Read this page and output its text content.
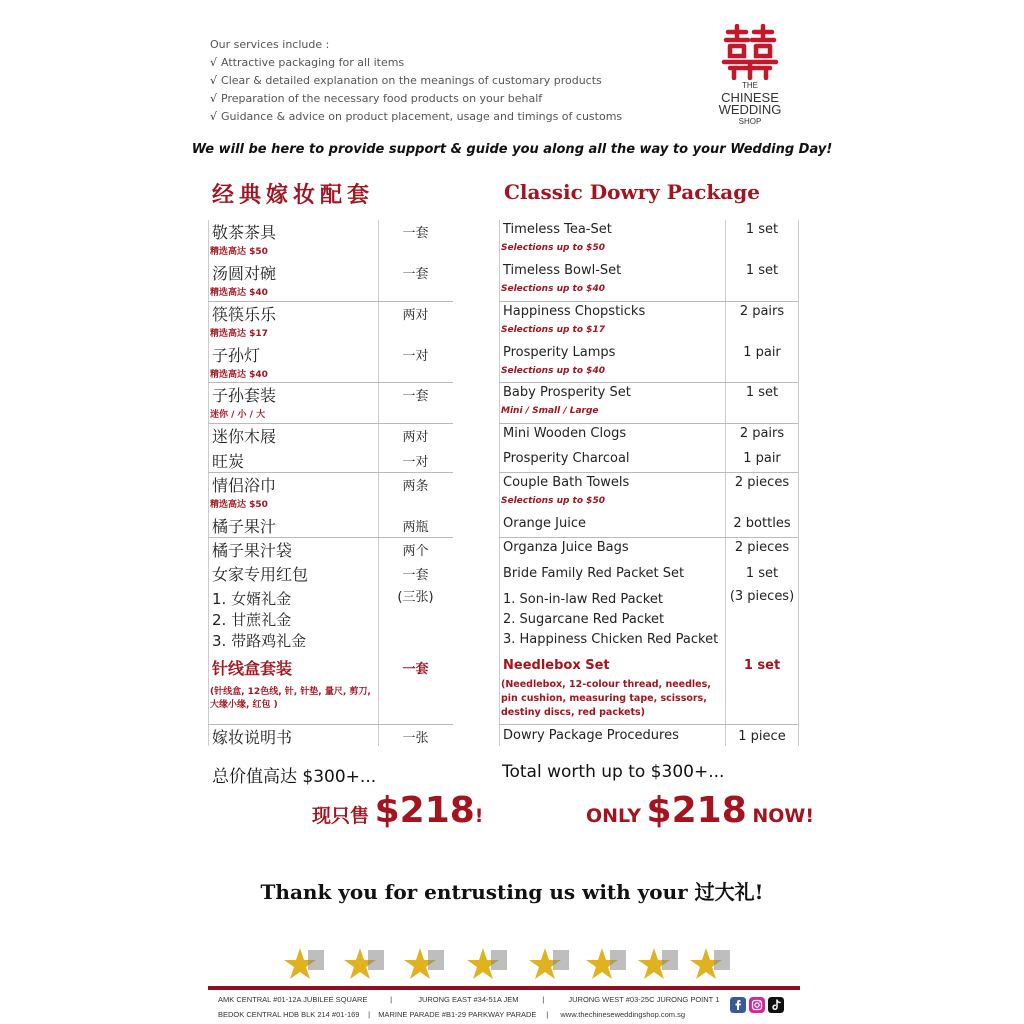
Our services include :
√ Attractive packaging for all items
√ Clear & detailed explanation on the meanings of customary products
√ Preparation of the necessary food products on your behalf
√ Guidance & advice on product placement, usage and timings of customs
THE
CHINESE
WEDDING
SHOP
We will be here to provide support & guide you along all the way to your Wedding Day!
经典嫁妆配套	Classic Dowry Package
敬茶茶具	一套
精选高达 $50
汤圆对碗	一套
精选高达 $40
筷筷乐乐	两对
精选高达 $17
子孙灯	一对
精选高达 $40
子孙套装	一套
迷你 / 小 / 大
迷你木屐	两对
旺炭	一对
情侣浴巾	两条
精选高达 $50
橘子果汁	两瓶
橘子果汁袋	两个
女家专用红包	一套
(三张)
1. 女婿礼金
2. 甘蔗礼金
3. 带路鸡礼金
针线盒套装	一套
(针线盒, 12色线, 针, 针垫, 量尺, 剪刀, 大缘小缘, 红包 )
嫁妆说明书	一张
Timeless Tea-Set	1 set
Selections up to $50
Timeless Bowl-Set	1 set
Selections up to $40
Happiness Chopsticks	2 pairs
Selections up to $17
Prosperity Lamps	1 pair
Selections up to $40
Baby Prosperity Set	1 set
Mini / Small / Large
Mini Wooden Clogs	2 pairs
Prosperity Charcoal	1 pair
Couple Bath Towels	2 pieces
Selections up to $50
Orange Juice	2 bottles
Organza Juice Bags	2 pieces
Bride Family Red Packet Set	1 set
(3 pieces)
1. Son-in-law Red Packet
2. Sugarcane Red Packet
3. Happiness Chicken Red Packet
Needlebox Set	1 set
(Needlebox, 12-colour thread, needles, pin cushion, measuring tape, scissors, destiny discs, red packets)
Dowry Package Procedures	1 piece
总价值高达 $300+...	Total worth up to $300+...
现只售 $218!	ONLY $218 NOW!
Thank you for entrusting us with your 过大礼!
AMK CENTRAL #01-12A JUBILEE SQUARE	|	JURONG EAST #34-51A JEM	|	JURONG WEST #03-25C JURONG POINT 1
BEDOK CENTRAL HDB BLK 214 #01-169 | MARINE PARADE #B1-29 PARKWAY PARADE | www.thechineseweddingshop.com.sg
